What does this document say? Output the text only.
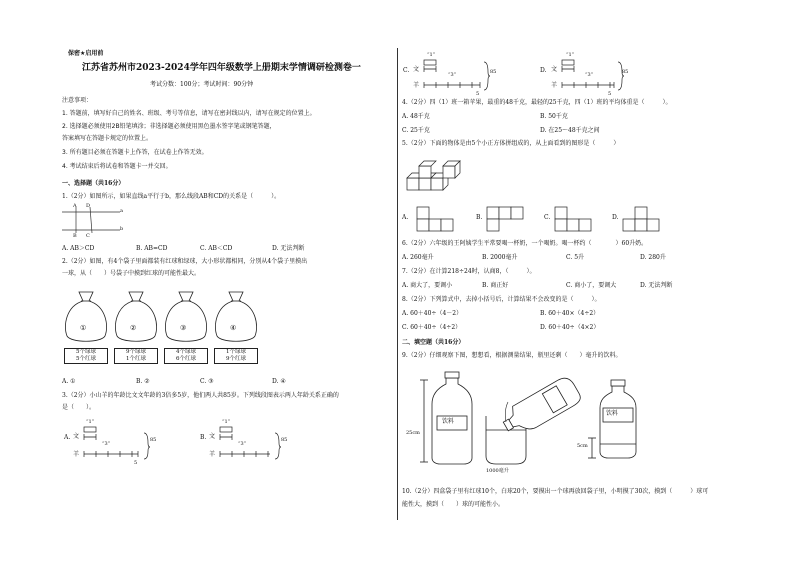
保密★启用前
江苏省苏州市2023-2024学年四年级数学上册期末学情调研检测卷一
考试分数：100分；考试时间：90分钟
注意事项：
1. 答题前，填写好自己的姓名、班级、考号等信息，请写在密封线以内，请写在规定的位置上。
2. 选择题必须使用2B铅笔填涂；非选择题必须使用黑色墨水签字笔或钢笔答题，
答案填写在答题卡规定的位置上。
3. 所有题目必须在答题卡上作答，在试卷上作答无效。
4. 考试结束后将试卷和答题卡一并交回。
一、选择题（共16分）
1.（2分）如图所示，如果直线a平行于b，那么线段AB和CD的关系是（　　　）。
A D
B C
a
b
A. AB＞CD	B. AB=CD	C. AB＜CD	D. 无法判断
2.（2分）如图，有4个袋子里面都装有红球和绿球，大小形状都相同，分别从4个袋子里摸出
一球，从（　　）号袋子中摸到红球的可能性最大。
①
5个绿球
5个红球
②
9个绿球
1个红球
③
4个绿球
6个红球
④
1个绿球
9个红球
A. ①	B. ②	C. ③	D. ④
3.（2分）小山羊的年龄比文文年龄的3倍多5岁，他们两人共85岁。下列线段图表示两人年龄关系正确的
是（　　）。
A.
“1”
文
羊
“3”
85
5
B.
“1”
文
羊
“3”
85
C.
“1”
文
羊
“3”	85
5
D.
“1”
文
羊
“3”	85
5
4.（2分）四（1）班一箱苹果，最重的48千克，最轻的25千克，四（1）班的平均体重是（　　　）。
A. 48千克	B. 50千克
C. 25千克	D. 在25～48千克之间
5.（2分）下面的物体是由5个小正方体拼组成的，从上面看到的图形是（　　　）
A.	B.	C.	D.
6.（2分）六年级的王阿姨学生平常要喝一杯奶，一个喝奶。喝一杯约（　　　　）60升奶。
A. 260毫升	B. 2000毫升	C. 5升	D. 280升
7.（2分）在计算218÷24时，认商8，（　　　）。
A. 商大了，要调小	B. 商正好	C. 商小了，要调大	D. 无法判断
8.（2分）下列算式中，去掉小括号后，计算结果不会改变的是（　　　）。
A. 60＋40÷（4－2）	B. 60＋40×（4÷2）
C. 60＋40÷（4÷2）	D. 60＋40÷（4×2）
二、填空题（共16分）
9.（2分）仔细观察下图，想想看，根据测量结果，瓶里还剩（　　）毫升的饮料。
25cm
饮料
1000毫升
饮料
5cm
10.（2分）四盒袋子里有红球10个，白球20个，要摸出一个球再放回袋子里，小明摸了30次，摸到（　　　）球可
能性大，摸到（　　）球的可能性小。
